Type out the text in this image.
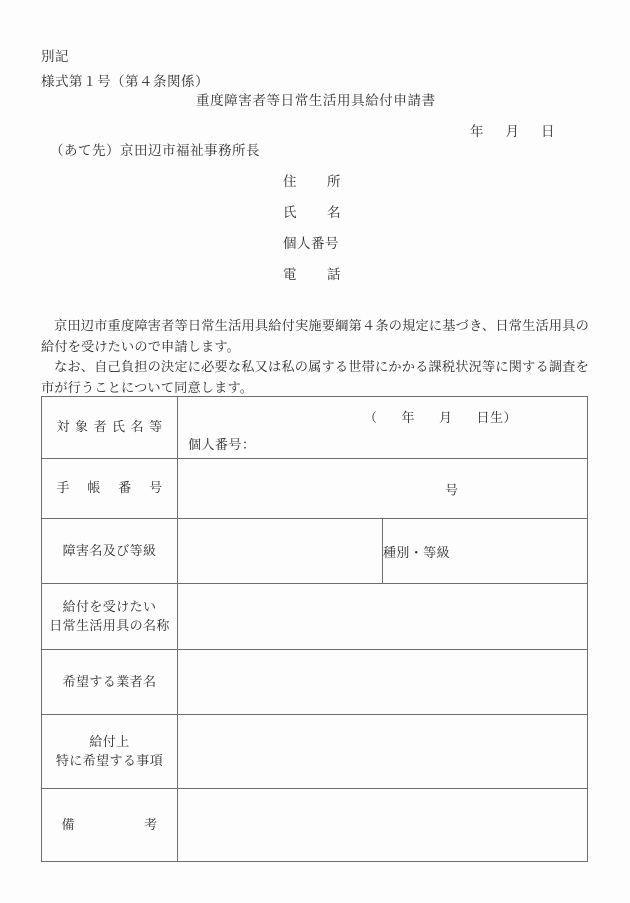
別記
様式第１号（第４条関係）
重度障害者等日常生活用具給付申請書
年 月 日
（あて先）京田辺市福祉事務所長
住所
氏名
個人番号
電話

京田辺市重度障害者等日常生活用具給付実施要綱第４条の規定に基づき、日常生活用具の給付を受けたいので申請します。

なお、自己負担の決定に必要な私又は私の属する世帯にかかる課税状況等に関する調査を市が行うことについて同意します。

対象者氏名等	（ 年 月 日生）
個人番号：	

手帳番号	号	

障害名及び等級		種別・等級

給付を受けたい
日常生活用具の名称		

希望する業者名		

給付上
特に希望する事項		

備考		
